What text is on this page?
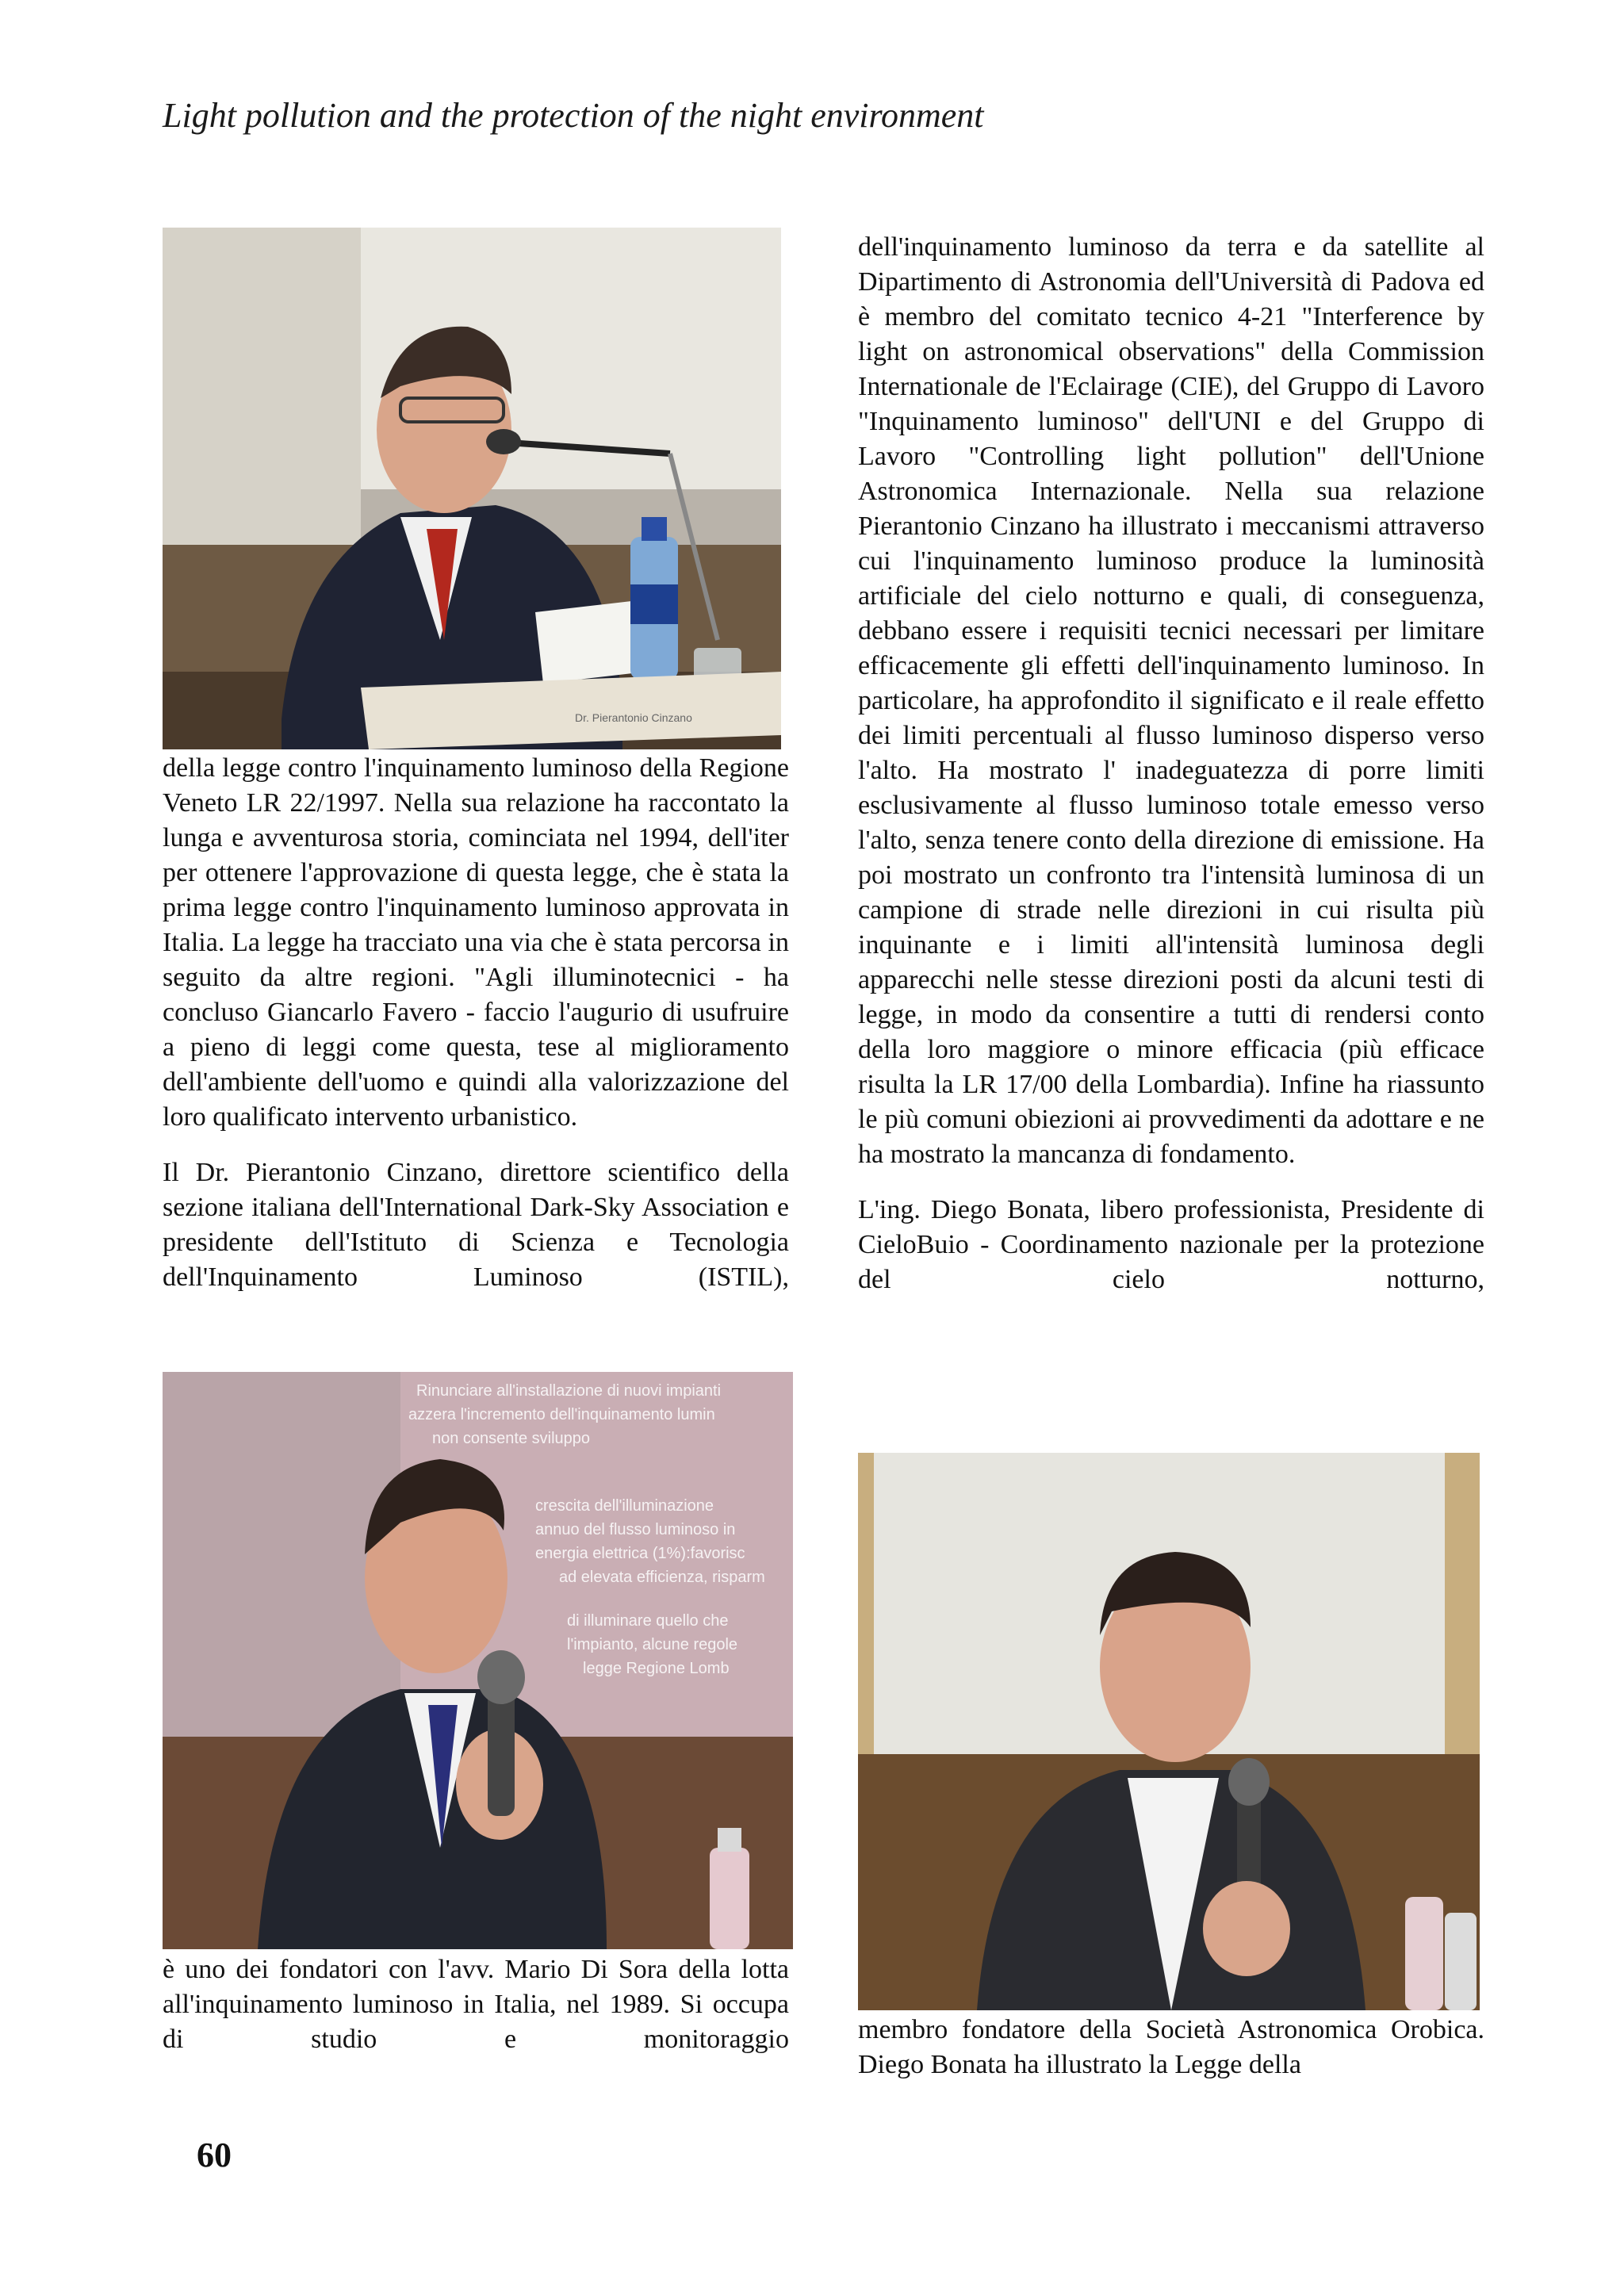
Light pollution and the protection of the night environment
Dr. Pierantonio Cinzano

della legge contro l'inquinamento luminoso della Regione Veneto LR 22/1997. Nella sua relazione ha raccontato la lunga e avventurosa storia, cominciata nel 1994, dell'iter per ottenere l'approvazione di questa legge, che è stata la prima legge contro l'inquinamento luminoso approvata in Italia. La legge ha tracciato una via che è stata percorsa in seguito da altre regioni. "Agli illuminotecnici - ha concluso Giancarlo Favero - faccio l'augurio di usufruire a pieno di leggi come questa, tese al miglioramento dell'ambiente dell'uomo e quindi alla valorizzazione del loro qualificato intervento urbanistico.

Il Dr. Pierantonio Cinzano, direttore scientifico della sezione italiana dell'International Dark-Sky Association e presidente dell'Istituto di Scienza e Tecnologia dell'Inquinamento Luminoso (ISTIL),

Rinunciare all'installazione di nuovi impianti
azzera l'incremento dell'inquinamento lumin
non consente sviluppo
crescita dell'illuminazione
annuo del flusso luminoso in
energia elettrica (1%):favorisc
ad elevata efficienza, risparm
di illuminare quello che
l'impianto, alcune regole
legge Regione Lomb

è uno dei fondatori con l'avv. Mario Di Sora della lotta all'inquinamento luminoso in Italia, nel 1989. Si occupa di studio e monitoraggio

dell'inquinamento luminoso da terra e da satellite al Dipartimento di Astronomia dell'Università di Padova ed è membro del comitato tecnico 4-21 "Interference by light on astronomical observations" della Commission Internationale de l'Eclairage (CIE), del Gruppo di Lavoro "Inquinamento luminoso" dell'UNI e del Gruppo di Lavoro "Controlling light pollution" dell'Unione Astronomica Internazionale. Nella sua relazione Pierantonio Cinzano ha illustrato i meccanismi attraverso cui l'inquinamento luminoso produce la luminosità artificiale del cielo notturno e quali, di conseguenza, debbano essere i requisiti tecnici necessari per limitare efficacemente gli effetti dell'inquinamento luminoso. In particolare, ha approfondito il significato e il reale effetto dei limiti percentuali al flusso luminoso disperso verso l'alto. Ha mostrato l' inadeguatezza di porre limiti esclusivamente al flusso luminoso totale emesso verso l'alto, senza tenere conto della direzione di emissione. Ha poi mostrato un confronto tra l'intensità luminosa di un campione di strade nelle direzioni in cui risulta più inquinante e i limiti all'intensità luminosa degli apparecchi nelle stesse direzioni posti da alcuni testi di legge, in modo da consentire a tutti di rendersi conto della loro maggiore o minore efficacia (più efficace risulta la LR 17/00 della Lombardia). Infine ha riassunto le più comuni obiezioni ai provvedimenti da adottare e ne ha mostrato la mancanza di fondamento.

L'ing. Diego Bonata, libero professionista, Presidente di CieloBuio - Coordinamento nazionale per la protezione del cielo notturno,

membro fondatore della Società Astronomica Orobica. Diego Bonata ha illustrato la Legge della

60
